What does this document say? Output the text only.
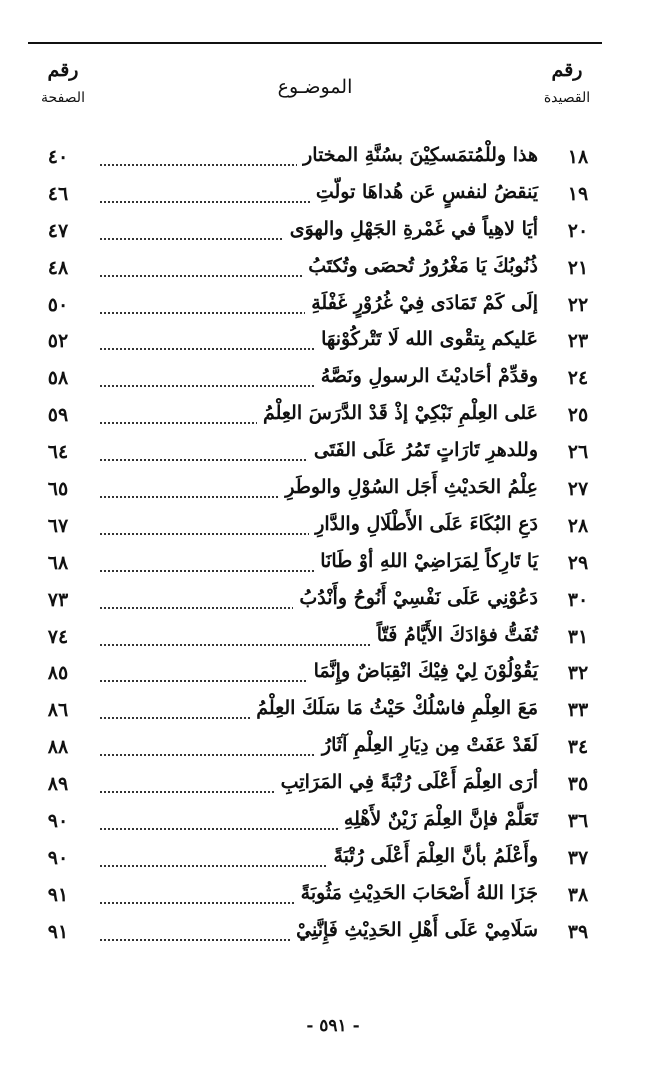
رقم
القصيدة
الموضـوع
رقم
الصفحة
١٨
هذا وللْمُتمَسكِيْنَ بسُنَّةِ المختار
٤٠
١٩
يَنقضُ لنفسٍ عَن هُداهَا تولّتِ
٤٦
٢٠
أيَا لاهِياً في غَمْرةِ الجَهْلِ والهوَى
٤٧
٢١
ذُنُوبُكَ يَا مَغْرُورُ تُحصَى وتُكتَبُ
٤٨
٢٢
إلَى كَمْ تَمَادَى فِيْ غُرُوْرٍ غَفْلَةِ
٥٠
٢٣
عَليكم بِتقْوى الله لَا تَتْركُوْنهَا
٥٢
٢٤
وقدِّمْ أحَاديْثَ الرسولِ ونَصَّهُ
٥٨
٢٥
عَلى العِلْمِ نَبْكِيْ إذْ قَدْ الدَّرَسَ العِلْمُ
٥٩
٢٦
وللدهرِ تَارَاتٍ تَمُرُ عَلَى الفَتَى
٦٤
٢٧
عِلْمُ الحَديْثِ أَجَل السُوْلِ والوطَرِ
٦٥
٢٨
دَعِ البُكَاءَ عَلَى الأَطْلَالِ والدَّارِ
٦٧
٢٩
يَا تَارِكاً لِمَرَاضِيْ اللهِ أوْ طَانَا
٦٨
٣٠
دَعُوْنِي عَلَى نَفْسِيْ أَنُوحُ وأَنْدُبُ
٧٣
٣١
تُفَتُّ فؤادَكَ الأَيَّامُ فَتّاً
٧٤
٣٢
يَقُوْلُوْنَ لِيْ فِيْكَ انْقِبَاضٌ وإِنَّمَا
٨٥
٣٣
مَعَ العِلْمِ فاسْلُكْ حَيْثُ مَا سَلَكَ العِلْمُ
٨٦
٣٤
لَقَدْ عَفَتْ مِن دِيَارِ العِلْمِ آثَارُ
٨٨
٣٥
أرَى العِلْمَ أَعْلَى رُتْبَةً فِي المَرَاتِبِ
٨٩
٣٦
تَعَلَّمْ فإنَّ العِلْمَ زَيْنٌ لأَهْلِهِ
٩٠
٣٧
وأَعْلَمُ بأنَّ العِلْمَ أَعْلَى رُتْبَةً
٩٠
٣٨
جَزَا اللهُ أَصْحَابَ الحَدِيْثِ مَثُوبَةً
٩١
٣٩
سَلَامِيْ عَلَى أَهْلِ الحَدِيْثِ فَإِنَّنِيْ
٩١
- ٥٩١ -
